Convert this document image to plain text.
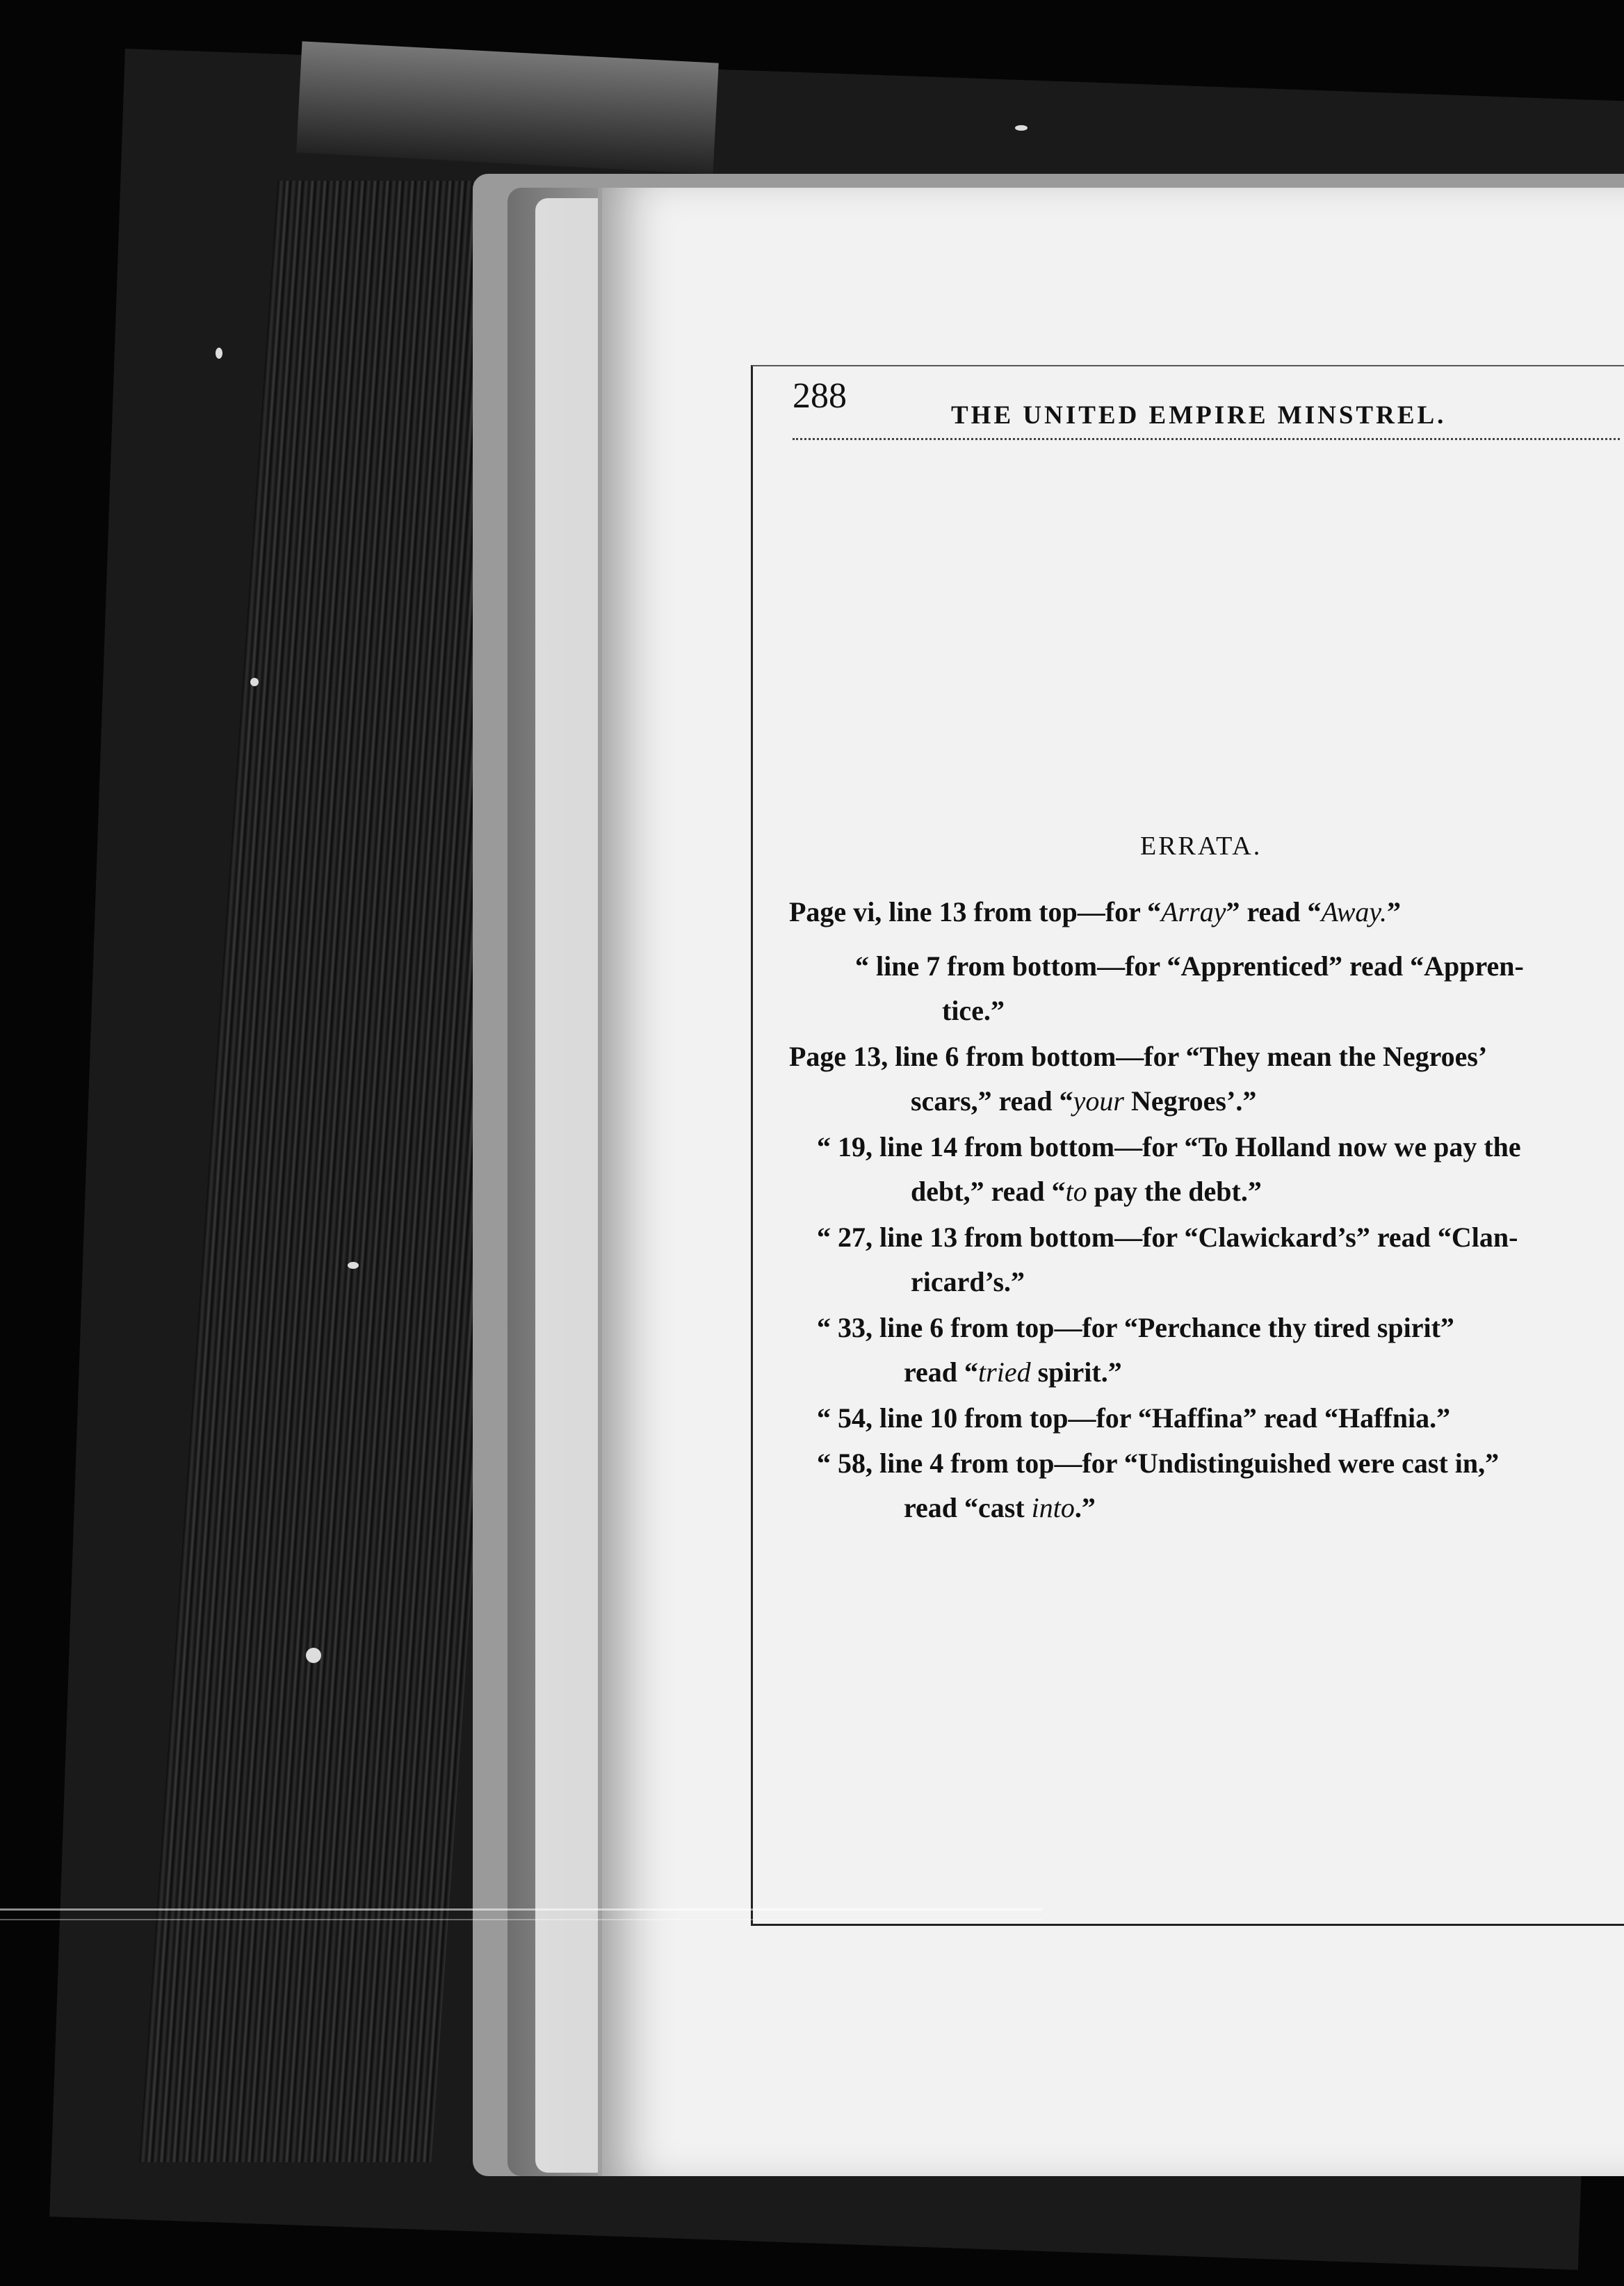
288	THE UNITED EMPIRE MINSTREL.
ERRATA.
Page vi, line 13 from top—for “Array” read “Away.”
“ line 7 from bottom—for “Apprenticed” read “Appren-
tice.”
Page 13, line 6 from bottom—for “They mean the Negroes’
scars,” read “your Negroes’.”
“ 19, line 14 from bottom—for “To Holland now we pay the
debt,” read “to pay the debt.”
“ 27, line 13 from bottom—for “Clawickard’s” read “Clan-
ricard’s.”
“ 33, line 6 from top—for “Perchance thy tired spirit”
read “tried spirit.”
“ 54, line 10 from top—for “Haffina” read “Haffnia.”
“ 58, line 4 from top—for “Undistinguished were cast in,”
read “cast into.”
